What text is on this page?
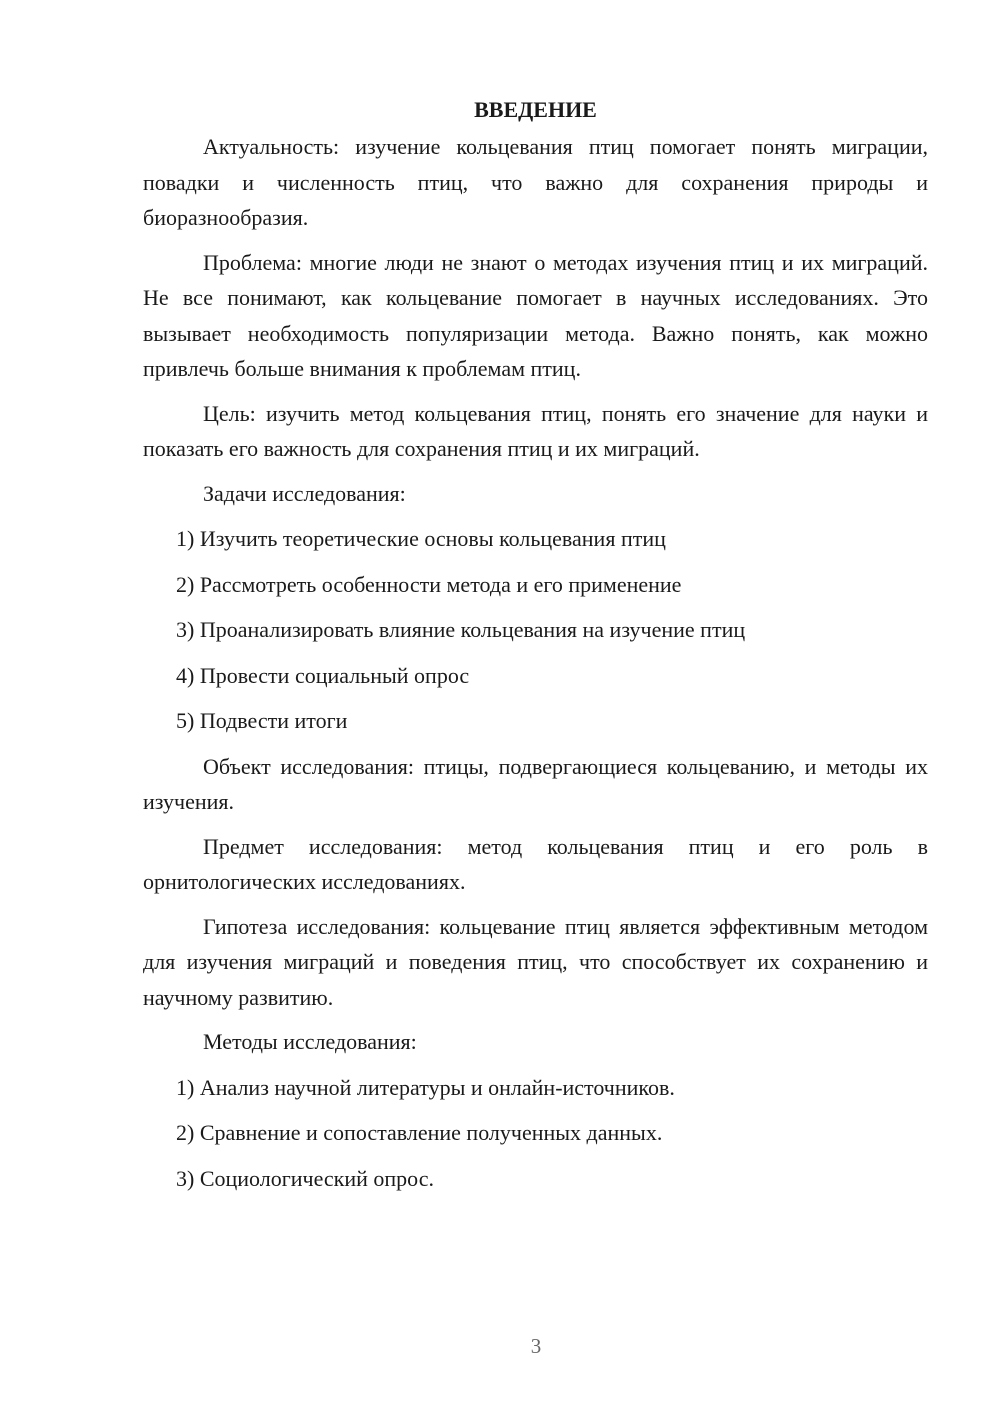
ВВЕДЕНИЕ

Актуальность: изучение кольцевания птиц помогает понять миграции, повадки и численность птиц, что важно для сохранения природы и биоразнообразия.

Проблема: многие люди не знают о методах изучения птиц и их миграций. Не все понимают, как кольцевание помогает в научных исследованиях. Это вызывает необходимость популяризации метода. Важно понять, как можно привлечь больше внимания к проблемам птиц.

Цель: изучить метод кольцевания птиц, понять его значение для науки и показать его важность для сохранения птиц и их миграций.

Задачи исследования:

1) Изучить теоретические основы кольцевания птиц
2) Рассмотреть особенности метода и его применение
3) Проанализировать влияние кольцевания на изучение птиц
4) Провести социальный опрос
5) Подвести итоги

Объект исследования: птицы, подвергающиеся кольцеванию, и методы их изучения.

Предмет исследования: метод кольцевания птиц и его роль в орнитологических исследованиях.

Гипотеза исследования: кольцевание птиц является эффективным методом для изучения миграций и поведения птиц, что способствует их сохранению и научному развитию.

Методы исследования:

1) Анализ научной литературы и онлайн-источников.
2) Сравнение и сопоставление полученных данных.
3) Социологический опрос.
3
